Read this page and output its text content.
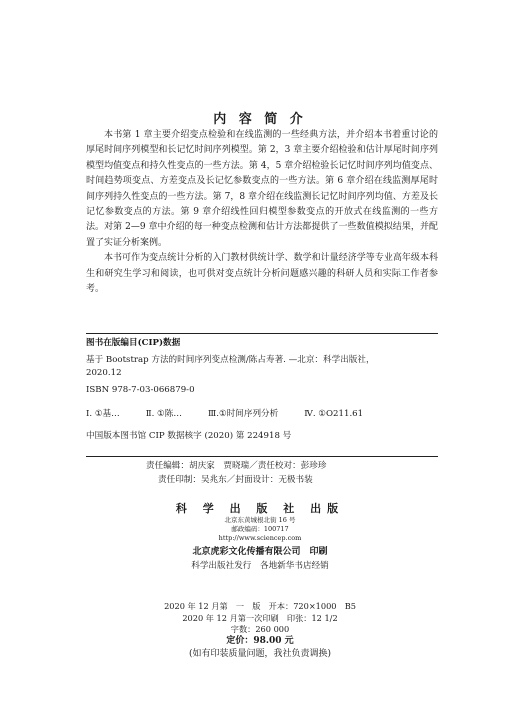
内 容 简 介

本书第 1 章主要介绍变点检验和在线监测的一些经典方法，并介绍本书着重讨论的厚尾时间序列模型和长记忆时间序列模型。第 2，3 章主要介绍检验和估计厚尾时间序列模型均值变点和持久性变点的一些方法。第 4，5 章介绍检验长记忆时间序列均值变点、时间趋势项变点、方差变点及长记忆参数变点的一些方法。第 6 章介绍在线监测厚尾时间序列持久性变点的一些方法。第 7，8 章介绍在线监测长记忆时间序列均值、方差及长记忆参数变点的方法。第 9 章介绍线性回归模型参数变点的开放式在线监测的一些方法。对第 2—9 章中介绍的每一种变点检测和估计方法都提供了一些数值模拟结果，并配置了实证分析案例。

本书可作为变点统计分析的入门教材供统计学、数学和计量经济学等专业高年级本科生和研究生学习和阅读，也可供对变点统计分析问题感兴趣的科研人员和实际工作者参考。

图书在版编目(CIP)数据
基于 Bootstrap 方法的时间序列变点检测/陈占寿著. —北京：科学出版社，
2020.12
ISBN 978-7-03-066879-0
Ⅰ. ①基…	Ⅱ. ①陈…	Ⅲ.①时间序列分析	Ⅳ. ①O211.61
中国版本图书馆 CIP 数据核字 (2020) 第 224918 号
责任编辑：胡庆家　贾晓瑞／责任校对：彭珍珍
责任印制：吴兆东／封面设计：无极书装
科 学 出 版 社 出版
北京东黄城根北街 16 号
邮政编码：100717
http://www.sciencep.com
北京虎彩文化传播有限公司　印刷
科学出版社发行　各地新华书店经销
2020 年 12 月第　一　版　开本：720×1000　B5
2020 年 12 月第一次印刷　印张：12 1/2
字数：260 000
定价：98.00 元
(如有印装质量问题，我社负责调换)
